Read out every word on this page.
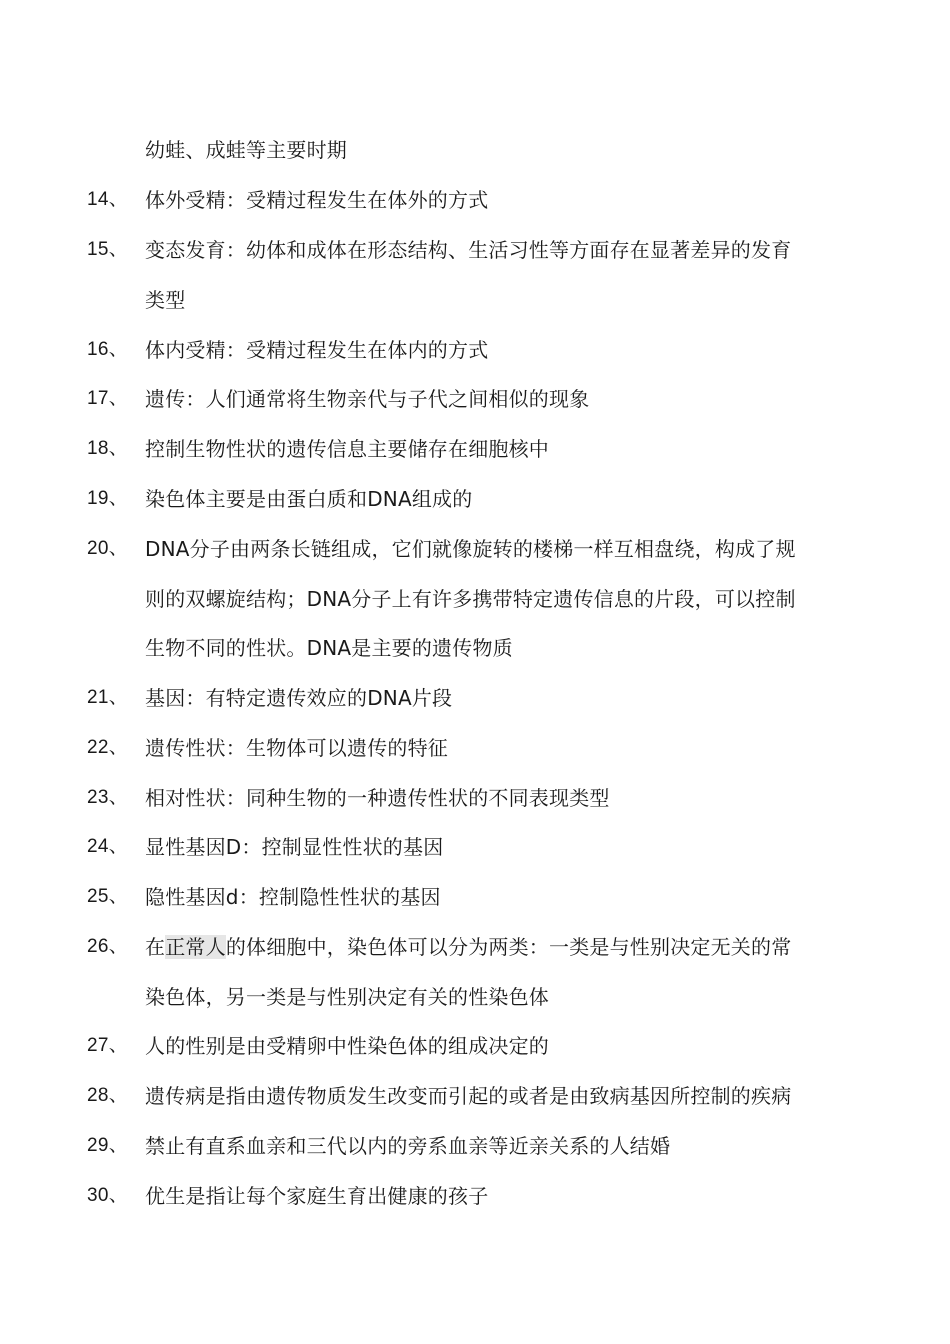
幼蛙、成蛙等主要时期
14、 体外受精：受精过程发生在体外的方式
15、 变态发育：幼体和成体在形态结构、生活习性等方面存在显著差异的发育
类型
16、 体内受精：受精过程发生在体内的方式
17、 遗传：人们通常将生物亲代与子代之间相似的现象
18、 控制生物性状的遗传信息主要储存在细胞核中
19、 染色体主要是由蛋白质和DNA组成的
20、 DNA分子由两条长链组成，它们就像旋转的楼梯一样互相盘绕，构成了规
则的双螺旋结构；DNA分子上有许多携带特定遗传信息的片段，可以控制
生物不同的性状。DNA是主要的遗传物质
21、 基因：有特定遗传效应的DNA片段
22、 遗传性状：生物体可以遗传的特征
23、 相对性状：同种生物的一种遗传性状的不同表现类型
24、 显性基因D：控制显性性状的基因
25、 隐性基因d：控制隐性性状的基因
26、 在正常人的体细胞中，染色体可以分为两类：一类是与性别决定无关的常
染色体，另一类是与性别决定有关的性染色体
27、 人的性别是由受精卵中性染色体的组成决定的
28、 遗传病是指由遗传物质发生改变而引起的或者是由致病基因所控制的疾病
29、 禁止有直系血亲和三代以内的旁系血亲等近亲关系的人结婚
30、 优生是指让每个家庭生育出健康的孩子
